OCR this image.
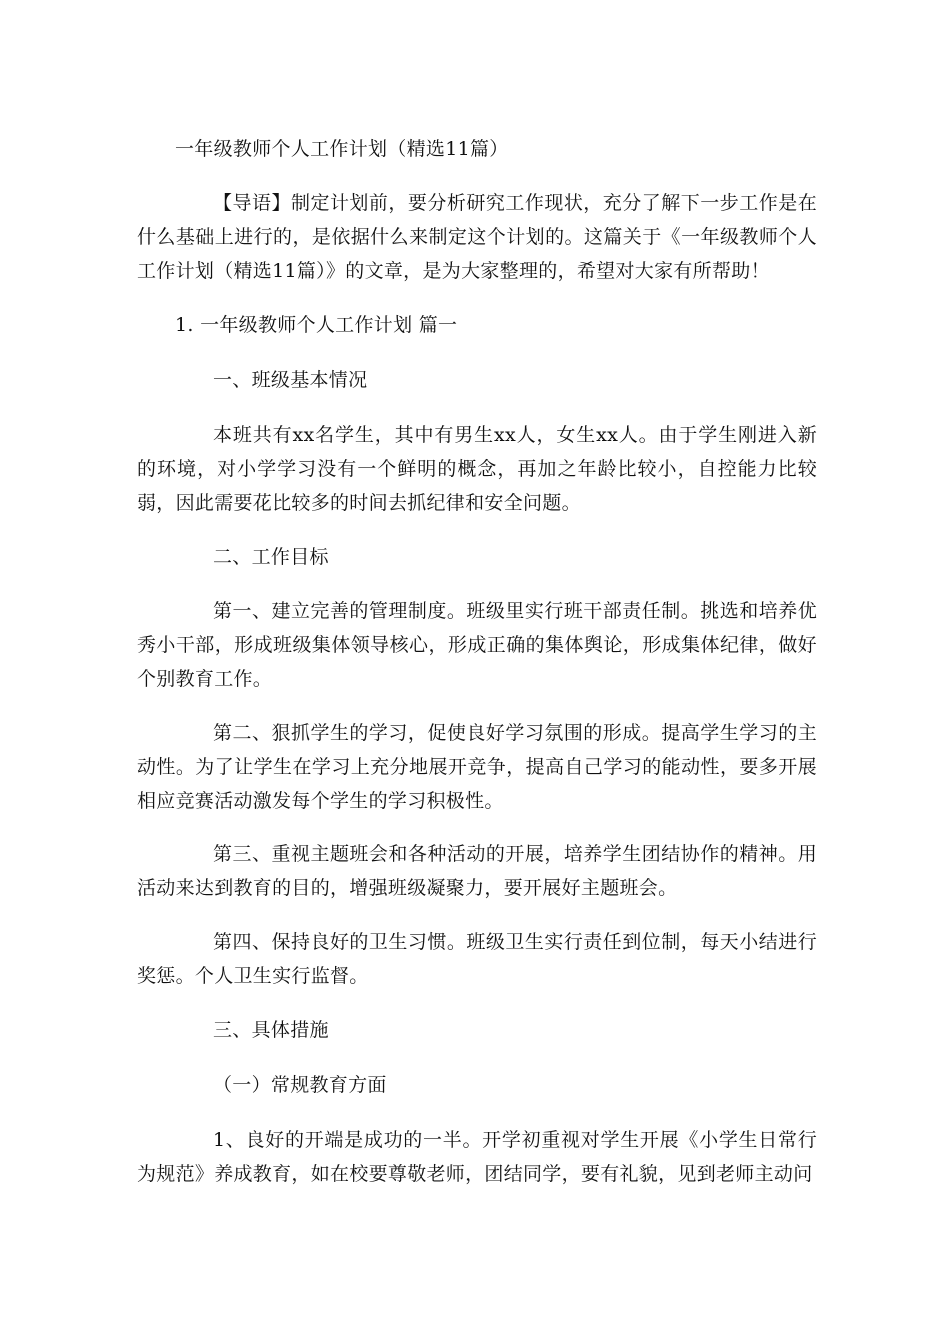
一年级教师个人工作计划（精选11篇）
【导语】制定计划前，要分析研究工作现状，充分了解下一步工作是在什么基础上进行的，是依据什么来制定这个计划的。这篇关于《一年级教师个人工作计划（精选11篇）》的文章，是为大家整理的，希望对大家有所帮助！
1. 一年级教师个人工作计划 篇一
一、班级基本情况
本班共有xx名学生，其中有男生xx人，女生xx人。由于学生刚进入新的环境，对小学学习没有一个鲜明的概念，再加之年龄比较小，自控能力比较弱，因此需要花比较多的时间去抓纪律和安全问题。
二、工作目标
第一、建立完善的管理制度。班级里实行班干部责任制。挑选和培养优秀小干部，形成班级集体领导核心，形成正确的集体舆论，形成集体纪律，做好个别教育工作。
第二、狠抓学生的学习，促使良好学习氛围的形成。提高学生学习的主动性。为了让学生在学习上充分地展开竞争，提高自己学习的能动性，要多开展相应竞赛活动激发每个学生的学习积极性。
第三、重视主题班会和各种活动的开展，培养学生团结协作的精神。用活动来达到教育的目的，增强班级凝聚力，要开展好主题班会。
第四、保持良好的卫生习惯。班级卫生实行责任到位制，每天小结进行奖惩。个人卫生实行监督。
三、具体措施
（一）常规教育方面
1、良好的开端是成功的一半。开学初重视对学生开展《小学生日常行为规范》养成教育，如在校要尊敬老师，团结同学，要有礼貌，见到老师主动问
